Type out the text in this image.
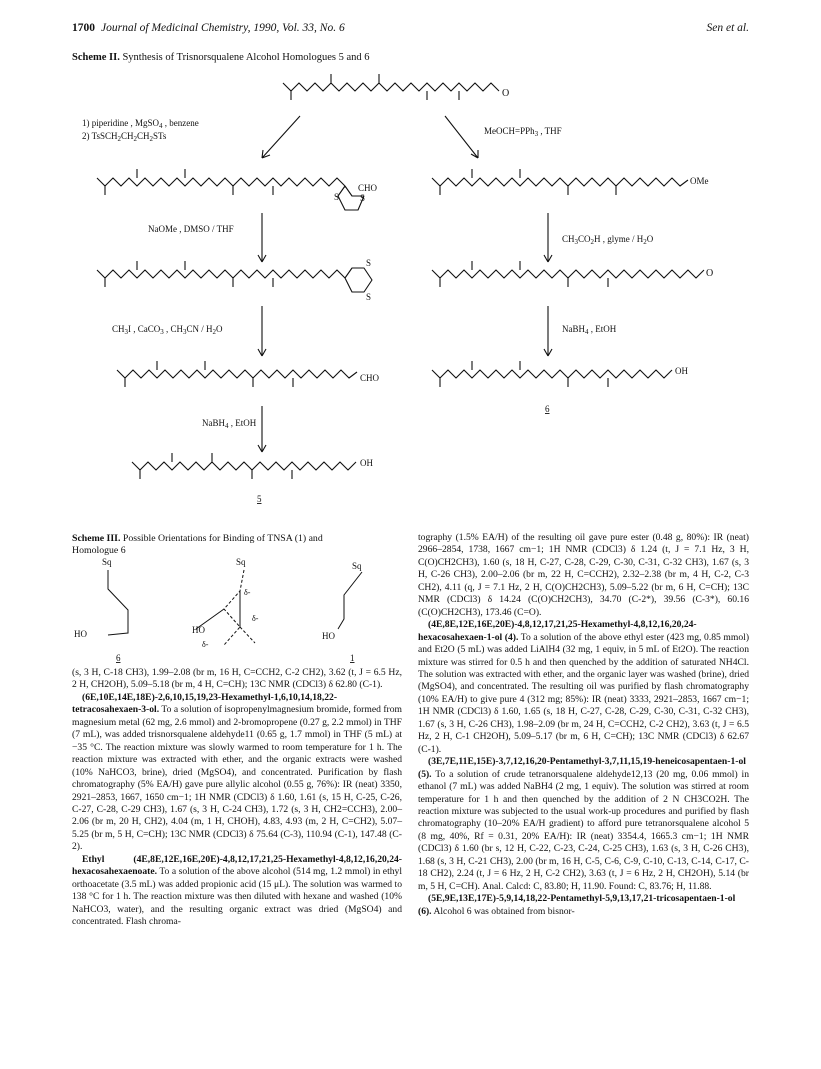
1700 Journal of Medicinal Chemistry, 1990, Vol. 33, No. 6	Sen et al.
Scheme II. Synthesis of Trisnorsqualene Alcohol Homologues 5 and 6
O
1) piperidine , MgSO$_4$ , benzene
2) $TsSCH_2CH_2CH_2STs$	MeOCH=PPh$_3$ , THF
CHO
S S
OMe
NaOMe , DMSO / THF
$CH_3CO_2H$ , glyme / $H_2O$
S
S
O
$CH_3I$ , CaCO$_3$ , $CH_3CN / H_2O$	NaBH$_4$ , EtOH
CHO
OH
6
NaBH$_4$ , EtOH
OH
5
Scheme III. Possible Orientations for Binding of TNSA (1) and
Homologue 6
Sq	Sq	Sq
HO	HO
HO
δ-
δ-
δ-
6	1

(s, 3 H, C-18 CH3), 1.99–2.08 (br m, 16 H, C=CCH2, C-2 CH2), 3.62 (t, J = 6.5 Hz, 2 H, CH2OH), 5.09–5.18 (br m, 4 H, C=CH); 13C NMR (CDCl3) δ 62.80 (C-1).

(6E,10E,14E,18E)-2,6,10,15,19,23-Hexamethyl-1,6,10,14,18,22-tetracosahexaen-3-ol. To a solution of isopropenylmagnesium bromide, formed from magnesium metal (62 mg, 2.6 mmol) and 2-bromopropene (0.27 g, 2.2 mmol) in THF (7 mL), was added trisnorsqualene aldehyde11 (0.65 g, 1.7 mmol) in THF (5 mL) at −35 °C. The reaction mixture was slowly warmed to room temperature for 1 h. The reaction mixture was extracted with ether, and the organic extracts were washed (10% NaHCO3, brine), dried (MgSO4), and concentrated. Purification by flash chromatography (5% EA/H) gave pure allylic alcohol (0.55 g, 76%): IR (neat) 3350, 2921–2853, 1667, 1650 cm−1; 1H NMR (CDCl3) δ 1.60, 1.61 (s, 15 H, C-25, C-26, C-27, C-28, C-29 CH3), 1.67 (s, 3 H, C-24 CH3), 1.72 (s, 3 H, CH2=CCH3), 2.00–2.06 (br m, 20 H, CH2), 4.04 (m, 1 H, CHOH), 4.83, 4.93 (m, 2 H, C=CH2), 5.07–5.25 (br m, 5 H, C=CH); 13C NMR (CDCl3) δ 75.64 (C-3), 110.94 (C-1), 147.48 (C-2).

Ethyl (4E,8E,12E,16E,20E)-4,8,12,17,21,25-Hexamethyl-4,8,12,16,20,24-hexacosahexaenoate. To a solution of the above alcohol (514 mg, 1.2 mmol) in ethyl orthoacetate (3.5 mL) was added propionic acid (15 μL). The solution was warmed to 138 °C for 1 h. The reaction mixture was then diluted with hexane and washed (10% NaHCO3, water), and the resulting organic extract was dried (MgSO4) and concentrated. Flash chroma-

tography (1.5% EA/H) of the resulting oil gave pure ester (0.48 g, 80%): IR (neat) 2966–2854, 1738, 1667 cm−1; 1H NMR (CDCl3) δ 1.24 (t, J = 7.1 Hz, 3 H, C(O)CH2CH3), 1.60 (s, 18 H, C-27, C-28, C-29, C-30, C-31, C-32 CH3), 1.67 (s, 3 H, C-26 CH3), 2.00–2.06 (br m, 22 H, C=CCH2), 2.32–2.38 (br m, 4 H, C-2, C-3 CH2), 4.11 (q, J = 7.1 Hz, 2 H, C(O)CH2CH3), 5.09–5.22 (br m, 6 H, C=CH); 13C NMR (CDCl3) δ 14.24 (C(O)CH2CH3), 34.70 (C-2*), 39.56 (C-3*), 60.16 (C(O)CH2CH3), 173.46 (C=O).

(4E,8E,12E,16E,20E)-4,8,12,17,21,25-Hexamethyl-4,8,12,16,20,24-hexacosahexaen-1-ol (4). To a solution of the above ethyl ester (423 mg, 0.85 mmol) and Et2O (5 mL) was added LiAlH4 (32 mg, 1 equiv, in 5 mL of Et2O). The reaction mixture was stirred for 0.5 h and then quenched by the addition of saturated NH4Cl. The solution was extracted with ether, and the organic layer was washed (brine), dried (MgSO4), and concentrated. The resulting oil was purified by flash chromatography (10% EA/H) to give pure 4 (312 mg; 85%): IR (neat) 3333, 2921–2853, 1667 cm−1; 1H NMR (CDCl3) δ 1.60, 1.65 (s, 18 H, C-27, C-28, C-29, C-30, C-31, C-32 CH3), 1.67 (s, 3 H, C-26 CH3), 1.98–2.09 (br m, 24 H, C=CCH2, C-2 CH2), 3.63 (t, J = 6.5 Hz, 2 H, C-1 CH2OH), 5.09–5.17 (br m, 6 H, C=CH); 13C NMR (CDCl3) δ 62.67 (C-1).

(3E,7E,11E,15E)-3,7,12,16,20-Pentamethyl-3,7,11,15,19-heneicosapentaen-1-ol (5). To a solution of crude tetranorsqualene aldehyde12,13 (20 mg, 0.06 mmol) in ethanol (7 mL) was added NaBH4 (2 mg, 1 equiv). The solution was stirred at room temperature for 1 h and then quenched by the addition of 2 N CH3CO2H. The reaction mixture was subjected to the usual work-up procedures and purified by flash chromatography (10–20% EA/H gradient) to afford pure tetranorsqualene alcohol 5 (8 mg, 40%, Rf = 0.31, 20% EA/H): IR (neat) 3354.4, 1665.3 cm−1; 1H NMR (CDCl3) δ 1.60 (br s, 12 H, C-22, C-23, C-24, C-25 CH3), 1.63 (s, 3 H, C-26 CH3), 1.68 (s, 3 H, C-21 CH3), 2.00 (br m, 16 H, C-5, C-6, C-9, C-10, C-13, C-14, C-17, C-18 CH2), 2.24 (t, J = 6 Hz, 2 H, C-2 CH2), 3.63 (t, J = 6 Hz, 2 H, CH2OH), 5.14 (br m, 5 H, C=CH). Anal. Calcd: C, 83.80; H, 11.90. Found: C, 83.76; H, 11.88.

(5E,9E,13E,17E)-5,9,14,18,22-Pentamethyl-5,9,13,17,21-tricosapentaen-1-ol (6). Alcohol 6 was obtained from bisnor-
